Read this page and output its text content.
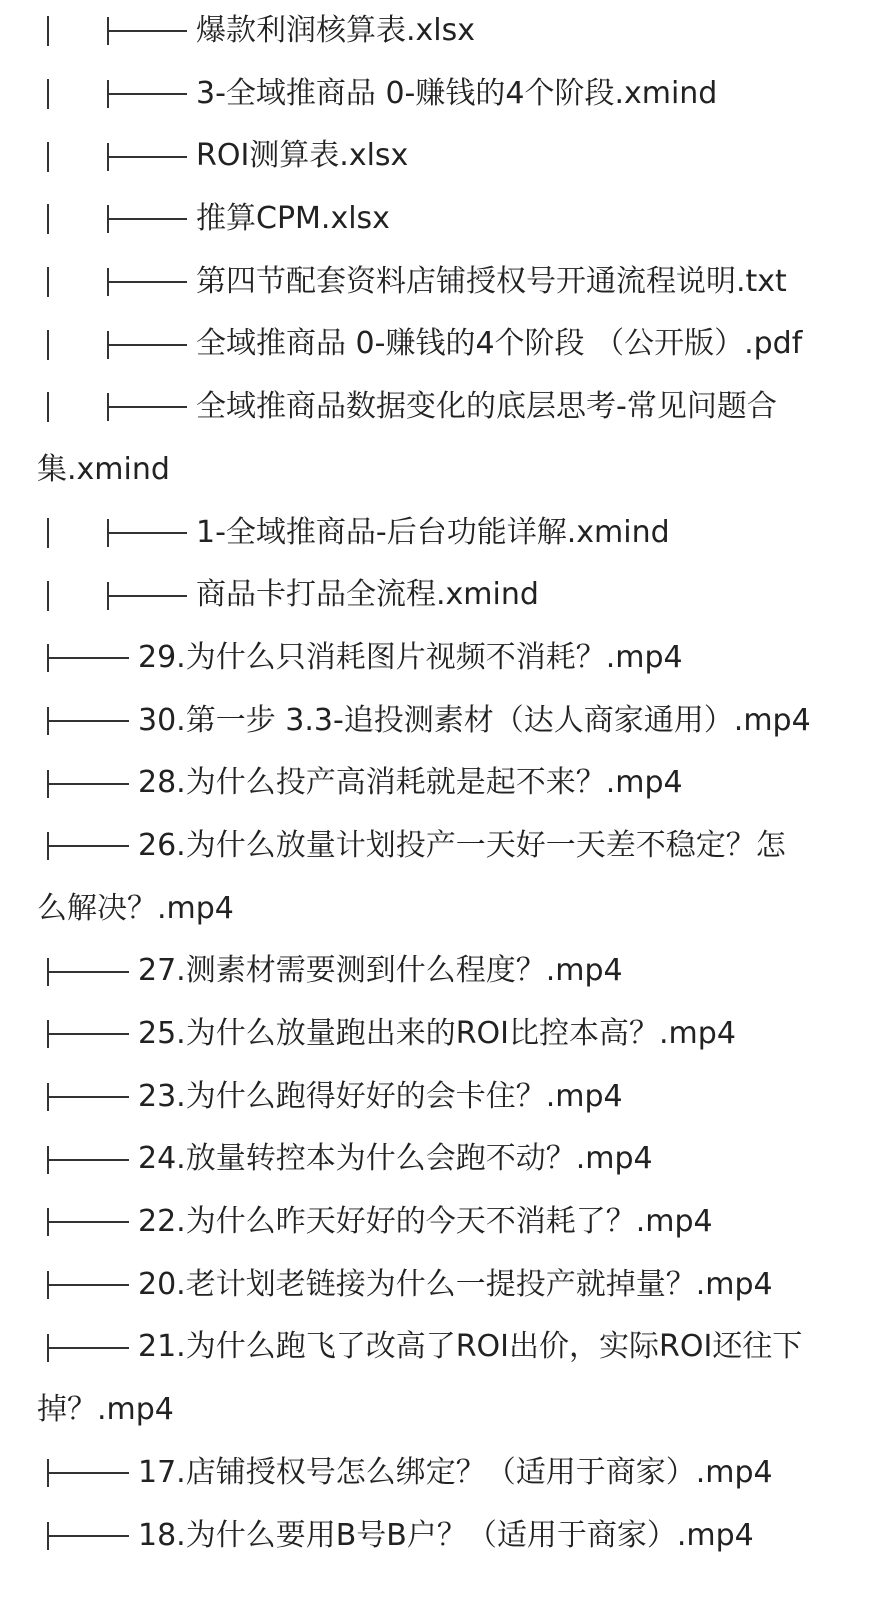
爆款利润核算表.xlsx
3-全域推商品 0-赚钱的4个阶段.xmind
ROI测算表.xlsx
推算CPM.xlsx
第四节配套资料店铺授权号开通流程说明.txt
全域推商品 0-赚钱的4个阶段 （公开版）.pdf
全域推商品数据变化的底层思考-常见问题合
集.xmind
1-全域推商品-后台功能详解.xmind
商品卡打品全流程.xmind
29.为什么只消耗图片视频不消耗？.mp4
30.第一步 3.3-追投测素材（达人商家通用）.mp4
28.为什么投产高消耗就是起不来？.mp4
26.为什么放量计划投产一天好一天差不稳定？怎
么解决？.mp4
27.测素材需要测到什么程度？.mp4
25.为什么放量跑出来的ROI比控本高？.mp4
23.为什么跑得好好的会卡住？.mp4
24.放量转控本为什么会跑不动？.mp4
22.为什么昨天好好的今天不消耗了？.mp4
20.老计划老链接为什么一提投产就掉量？.mp4
21.为什么跑飞了改高了ROI出价，实际ROI还往下
掉？.mp4
17.店铺授权号怎么绑定？（适用于商家）.mp4
18.为什么要用B号B户？（适用于商家）.mp4
